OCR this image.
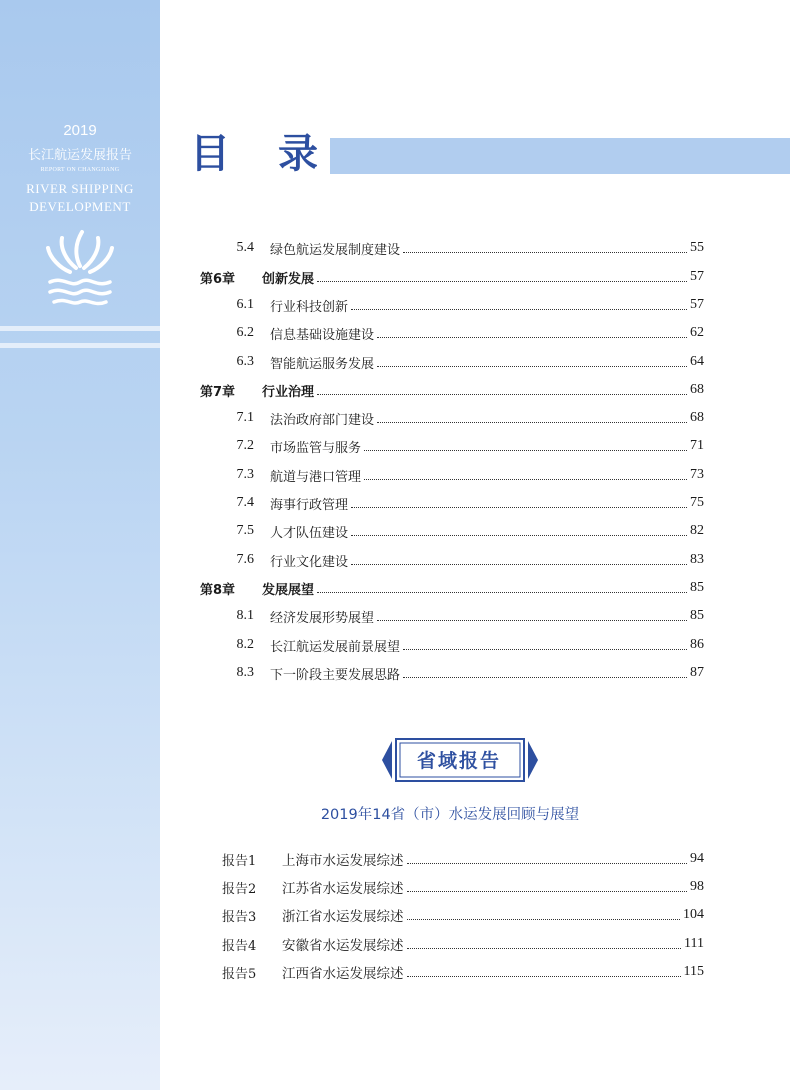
2019
长江航运发展报告
REPORT ON CHANGJIANG
RIVER SHIPPING
DEVELOPMENT
目 录
5.4	绿色航运发展制度建设	55
第6章	创新发展	57
6.1	行业科技创新	57
6.2	信息基础设施建设	62
6.3	智能航运服务发展	64
第7章	行业治理	68
7.1	法治政府部门建设	68
7.2	市场监管与服务	71
7.3	航道与港口管理	73
7.4	海事行政管理	75
7.5	人才队伍建设	82
7.6	行业文化建设	83
第8章	发展展望	85
8.1	经济发展形势展望	85
8.2	长江航运发展前景展望	86
8.3	下一阶段主要发展思路	87
省域报告
2019年14省（市）水运发展回顾与展望
报告1	上海市水运发展综述	94
报告2	江苏省水运发展综述	98
报告3	浙江省水运发展综述	104
报告4	安徽省水运发展综述	111
报告5	江西省水运发展综述	115
